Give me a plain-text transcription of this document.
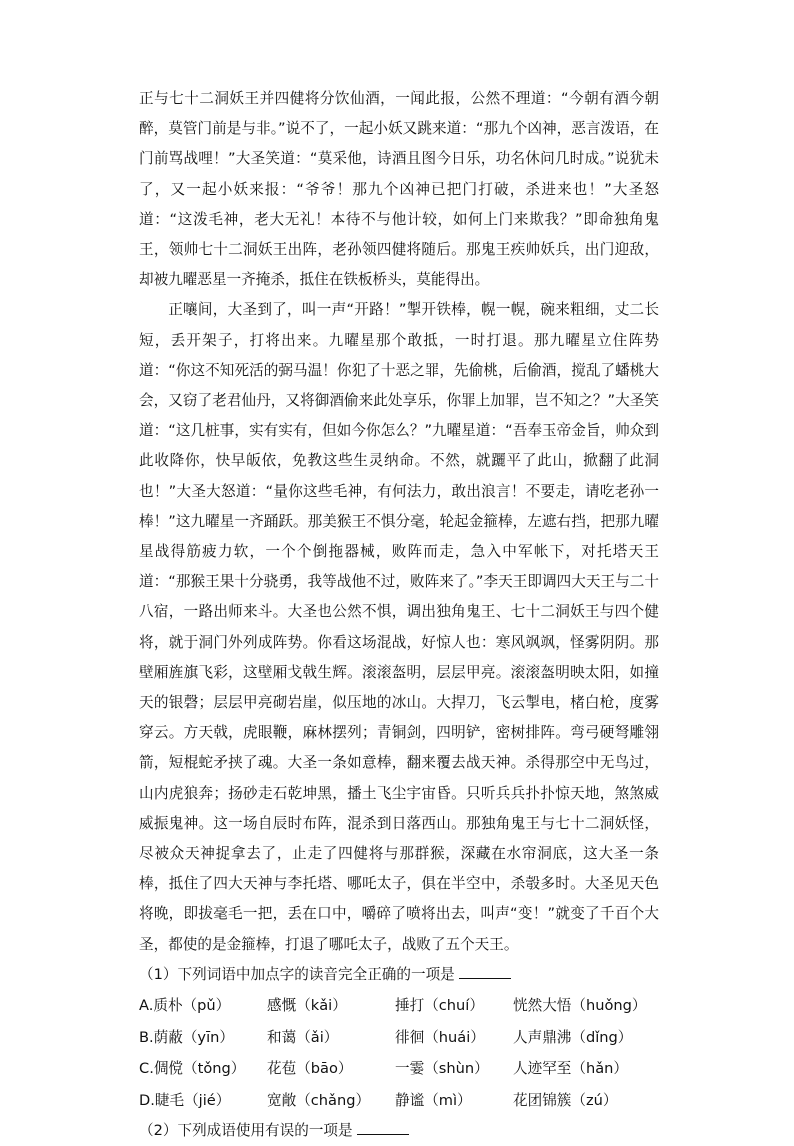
正与七十二洞妖王并四健将分饮仙酒，一闻此报，公然不理道：“今朝有酒今朝醉，莫管门前是与非。”说不了，一起小妖又跳来道：“那九个凶神，恶言泼语，在门前骂战哩！”大圣笑道：“莫采他，诗酒且图今日乐，功名休问几时成。”说犹未了，又一起小妖来报：“爷爷！那九个凶神已把门打破，杀进来也！”大圣怒道：“这泼毛神，老大无礼！本待不与他计较，如何上门来欺我？”即命独角鬼王，领帅七十二洞妖王出阵，老孙领四健将随后。那鬼王疾帅妖兵，出门迎敌，却被九曜恶星一齐掩杀，抵住在铁板桥头，莫能得出。

正嚷间，大圣到了，叫一声“开路！”掣开铁棒，幌一幌，碗来粗细，丈二长短，丢开架子，打将出来。九曜星那个敢抵，一时打退。那九曜星立住阵势道：“你这不知死活的弼马温！你犯了十恶之罪，先偷桃，后偷酒，搅乱了蟠桃大会，又窃了老君仙丹，又将御酒偷来此处享乐，你罪上加罪，岂不知之？”大圣笑道：“这几桩事，实有实有，但如今你怎么？”九曜星道：“吾奉玉帝金旨，帅众到此收降你，快早皈依，免教这些生灵纳命。不然，就躧平了此山，掀翻了此洞也！”大圣大怒道：“量你这些毛神，有何法力，敢出浪言！不要走，请吃老孙一棒！”这九曜星一齐踊跃。那美猴王不惧分毫，轮起金箍棒，左遮右挡，把那九曜星战得筋疲力软，一个个倒拖器械，败阵而走，急入中军帐下，对托塔天王道：“那猴王果十分骁勇，我等战他不过，败阵来了。”李天王即调四大天王与二十八宿，一路出师来斗。大圣也公然不惧，调出独角鬼王、七十二洞妖王与四个健将，就于洞门外列成阵势。你看这场混战，好惊人也：寒风飒飒，怪雾阴阴。那壁厢旌旗飞彩，这壁厢戈戟生辉。滚滚盔明，层层甲亮。滚滚盔明映太阳，如撞天的银磬；层层甲亮砌岩崖，似压地的冰山。大捍刀，飞云掣电，楮白枪，度雾穿云。方天戟，虎眼鞭，麻林摆列；青铜剑，四明铲，密树排阵。弯弓硬弩雕翎箭，短棍蛇矛挟了魂。大圣一条如意棒，翻来覆去战天神。杀得那空中无鸟过，山内虎狼奔；扬砂走石乾坤黑，播土飞尘宇宙昏。只听兵兵扑扑惊天地，煞煞威威振鬼神。这一场自辰时布阵，混杀到日落西山。那独角鬼王与七十二洞妖怪，尽被众天神捉拿去了，止走了四健将与那群猴，深藏在水帘洞底，这大圣一条棒，抵住了四大天神与李托塔、哪吒太子，俱在半空中，杀彀多时。大圣见天色将晚，即拔毫毛一把，丢在口中，嚼碎了喷将出去，叫声“变！”就变了千百个大圣，都使的是金箍棒，打退了哪吒太子，战败了五个天王。

（1）下列词语中加点字的读音完全正确的一项是

A.质朴（pǔ）	感慨（kǎi）	捶打（chuí）	恍然大悟（huǒng）
B.荫蔽（yīn）	和蔼（ǎi）	徘徊（huái）	人声鼎沸（dǐng）
C.倜傥（tǒng）	花苞（bāo）	一霎（shùn）	人迹罕至（hǎn）
D.睫毛（jié）	宽敞（chǎng）	静谧（mì）	花团锦簇（zú）

（2）下列成语使用有误的一项是
